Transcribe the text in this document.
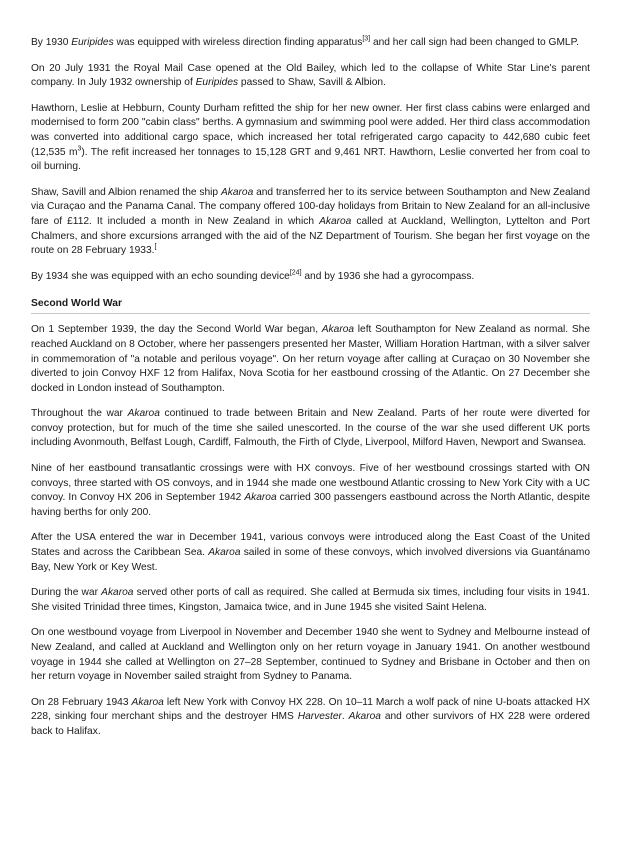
By 1930 Euripides was equipped with wireless direction finding apparatus[3] and her call sign had been changed to GMLP.

On 20 July 1931 the Royal Mail Case opened at the Old Bailey, which led to the collapse of White Star Line's parent company. In July 1932 ownership of Euripides passed to Shaw, Savill & Albion.

Hawthorn, Leslie at Hebburn, County Durham refitted the ship for her new owner. Her first class cabins were enlarged and modernised to form 200 "cabin class" berths. A gymnasium and swimming pool were added. Her third class accommodation was converted into additional cargo space, which increased her total refrigerated cargo capacity to 442,680 cubic feet (12,535 $m^3$). The refit increased her tonnages to 15,128 GRT and 9,461 NRT. Hawthorn, Leslie converted her from coal to oil burning.

Shaw, Savill and Albion renamed the ship Akaroa and transferred her to its service between Southampton and New Zealand via Curaçao and the Panama Canal. The company offered 100-day holidays from Britain to New Zealand for an all-inclusive fare of £112. It included a month in New Zealand in which Akaroa called at Auckland, Wellington, Lyttelton and Port Chalmers, and shore excursions arranged with the aid of the NZ Department of Tourism. She began her first voyage on the route on 28 February 1933.[

By 1934 she was equipped with an echo sounding device[24] and by 1936 she had a gyrocompass.

Second World War

On 1 September 1939, the day the Second World War began, Akaroa left Southampton for New Zealand as normal. She reached Auckland on 8 October, where her passengers presented her Master, William Horation Hartman, with a silver salver in commemoration of "a notable and perilous voyage". On her return voyage after calling at Curaçao on 30 November she diverted to join Convoy HXF 12 from Halifax, Nova Scotia for her eastbound crossing of the Atlantic. On 27 December she docked in London instead of Southampton.

Throughout the war Akaroa continued to trade between Britain and New Zealand. Parts of her route were diverted for convoy protection, but for much of the time she sailed unescorted. In the course of the war she used different UK ports including Avonmouth, Belfast Lough, Cardiff, Falmouth, the Firth of Clyde, Liverpool, Milford Haven, Newport and Swansea.

Nine of her eastbound transatlantic crossings were with HX convoys. Five of her westbound crossings started with ON convoys, three started with OS convoys, and in 1944 she made one westbound Atlantic crossing to New York City with a UC convoy. In Convoy HX 206 in September 1942 Akaroa carried 300 passengers eastbound across the North Atlantic, despite having berths for only 200.

After the USA entered the war in December 1941, various convoys were introduced along the East Coast of the United States and across the Caribbean Sea. Akaroa sailed in some of these convoys, which involved diversions via Guantánamo Bay, New York or Key West.

During the war Akaroa served other ports of call as required. She called at Bermuda six times, including four visits in 1941. She visited Trinidad three times, Kingston, Jamaica twice, and in June 1945 she visited Saint Helena.

On one westbound voyage from Liverpool in November and December 1940 she went to Sydney and Melbourne instead of New Zealand, and called at Auckland and Wellington only on her return voyage in January 1941. On another westbound voyage in 1944 she called at Wellington on 27–28 September, continued to Sydney and Brisbane in October and then on her return voyage in November sailed straight from Sydney to Panama.

On 28 February 1943 Akaroa left New York with Convoy HX 228. On 10–11 March a wolf pack of nine U-boats attacked HX 228, sinking four merchant ships and the destroyer HMS Harvester. Akaroa and other survivors of HX 228 were ordered back to Halifax.
